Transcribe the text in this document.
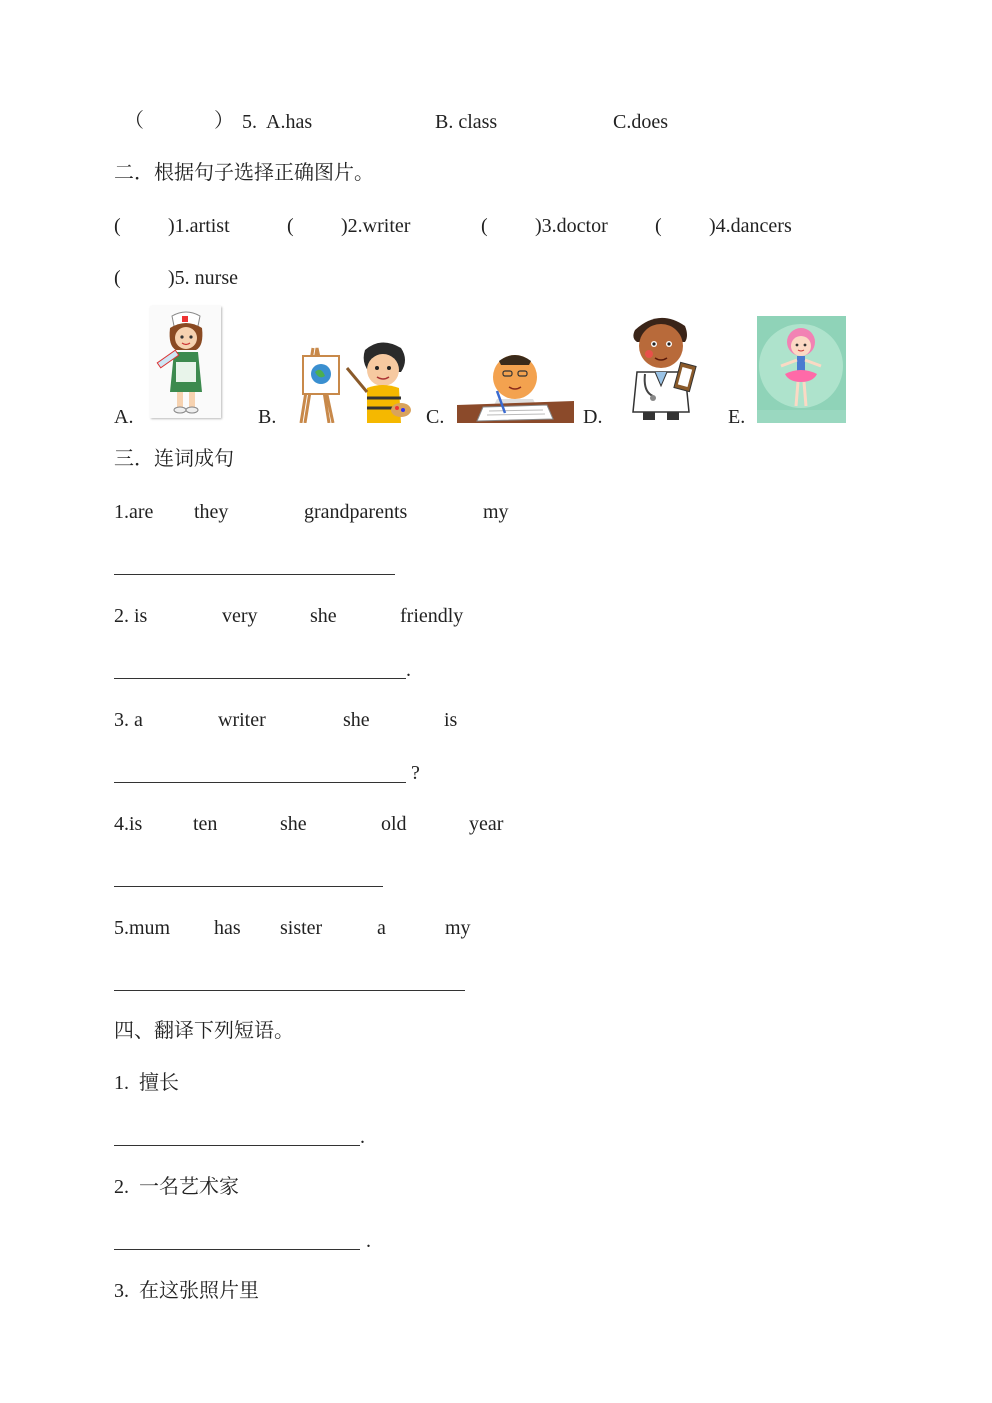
（	） 5. A.has	B. class	C.does
二．根据句子选择正确图片。
( )1.artist	( )2.writer	( )3.doctor ( )4.dancers
( )5. nurse
A.	B.	C.	D.	E.
三．连词成句
1.are they	grandparents	my
2. is	very	she	friendly
.
3. a	writer	she	is
?
4.is	ten	she	old	year
5.mum has sister	a	my
四、翻译下列短语。
1.  擅长
.
2.  一名艺术家
.
3.  在这张照片里
